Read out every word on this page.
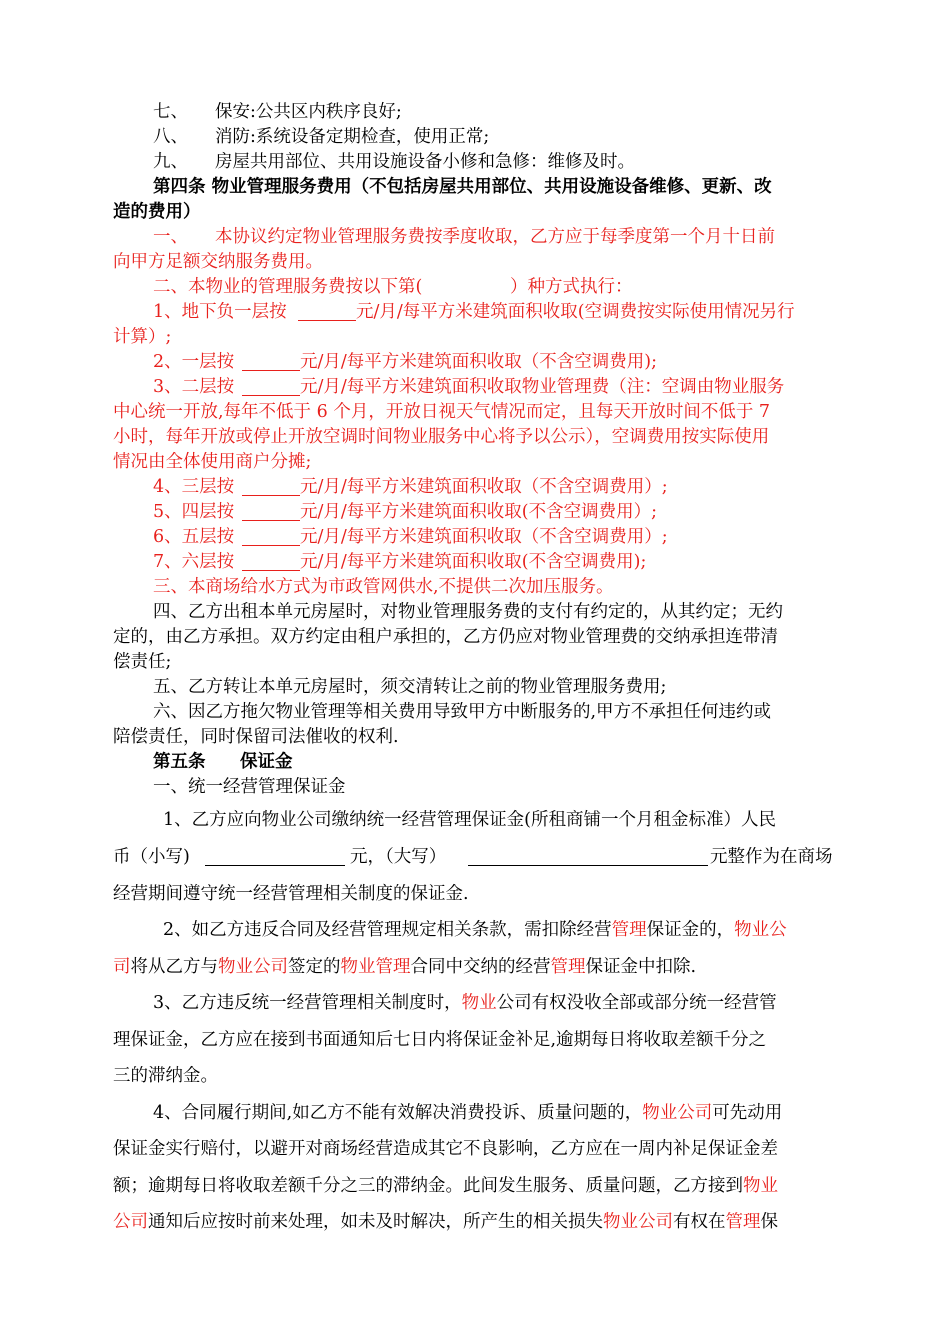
七、 保安:公共区内秩序良好;
八、 消防:系统设备定期检查，使用正常;
九、 房屋共用部位、共用设施设备小修和急修：维修及时。
第四条 物业管理服务费用（不包括房屋共用部位、共用设施设备维修、更新、改
造的费用）
一、 本协议约定物业管理服务费按季度收取，乙方应于每季度第一个月十日前
向甲方足额交纳服务费用。
二、本物业的管理服务费按以下第(	）种方式执行：
1、地下负一层按	元/月/每平方米建筑面积收取(空调费按实际使用情况另行
计算）;
2、一层按	元/月/每平方米建筑面积收取（不含空调费用);
3、二层按	元/月/每平方米建筑面积收取物业管理费（注：空调由物业服务
中心统一开放,每年不低于 6 个月，开放日视天气情况而定，且每天开放时间不低于 7
小时，每年开放或停止开放空调时间物业服务中心将予以公示），空调费用按实际使用
情况由全体使用商户分摊;
4、三层按	元/月/每平方米建筑面积收取（不含空调费用）;
5、四层按	元/月/每平方米建筑面积收取(不含空调费用）;
6、五层按	元/月/每平方米建筑面积收取（不含空调费用）;
7、六层按	元/月/每平方米建筑面积收取(不含空调费用);
三、本商场给水方式为市政管网供水,不提供二次加压服务。
四、乙方出租本单元房屋时，对物业管理服务费的支付有约定的，从其约定；无约
定的，由乙方承担。双方约定由租户承担的，乙方仍应对物业管理费的交纳承担连带清
偿责任;
五、乙方转让本单元房屋时，须交清转让之前的物业管理服务费用;
六、因乙方拖欠物业管理等相关费用导致甲方中断服务的,甲方不承担任何违约或
陪偿责任，同时保留司法催收的权利.
第五条 保证金
一、统一经营管理保证金
1、乙方应向物业公司缴纳统一经营管理保证金(所租商铺一个月租金标准）人民
币（小写)	元，（大写）	元整作为在商场
经营期间遵守统一经营管理相关制度的保证金.
2、如乙方违反合同及经营管理规定相关条款，需扣除经营管理保证金的，物业公
司将从乙方与物业公司签定的物业管理合同中交纳的经营管理保证金中扣除.
3、乙方违反统一经营管理相关制度时，物业公司有权没收全部或部分统一经营管
理保证金，乙方应在接到书面通知后七日内将保证金补足,逾期每日将收取差额千分之
三的滞纳金。
4、合同履行期间,如乙方不能有效解决消费投诉、质量问题的，物业公司可先动用
保证金实行赔付，以避开对商场经营造成其它不良影响，乙方应在一周内补足保证金差
额；逾期每日将收取差额千分之三的滞纳金。此间发生服务、质量问题，乙方接到物业
公司通知后应按时前来处理，如未及时解决，所产生的相关损失物业公司有权在管理保
